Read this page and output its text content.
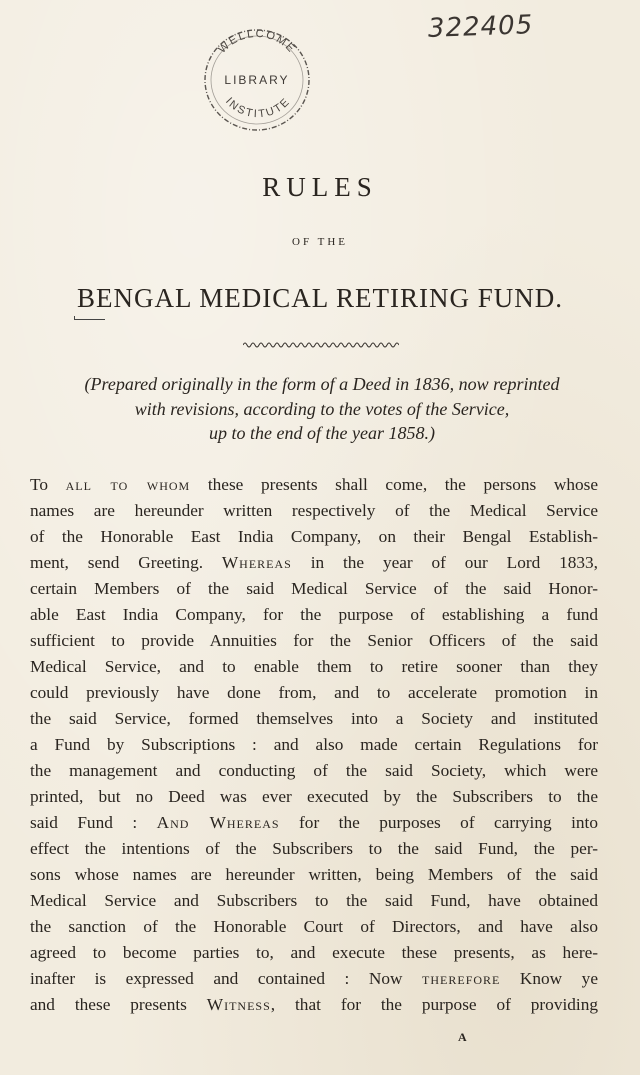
322405
WELLCOME
LIBRARY
INSTITUTE
RULES
OF THE
BENGAL MEDICAL RETIRING FUND.
(Prepared originally in the form of a Deed in 1836, now reprinted
with revisions, according to the votes of the Service,
up to the end of the year 1858.)
To all to whom these presents shall come, the persons whose
names are hereunder written respectively of the Medical Service
of the Honorable East India Company, on their Bengal Establish-
ment, send Greeting. Whereas in the year of our Lord 1833,
certain Members of the said Medical Service of the said Honor-
able East India Company, for the purpose of establishing a fund
sufficient to provide Annuities for the Senior Officers of the said
Medical Service, and to enable them to retire sooner than they
could previously have done from, and to accelerate promotion in
the said Service, formed themselves into a Society and instituted
a Fund by Subscriptions : and also made certain Regulations for
the management and conducting of the said Society, which were
printed, but no Deed was ever executed by the Subscribers to the
said Fund : And Whereas for the purposes of carrying into
effect the intentions of the Subscribers to the said Fund, the per-
sons whose names are hereunder written, being Members of the said
Medical Service and Subscribers to the said Fund, have obtained
the sanction of the Honorable Court of Directors, and have also
agreed to become parties to, and execute these presents, as here-
inafter is expressed and contained : Now therefore Know ye
and these presents Witness, that for the purpose of providing
A
